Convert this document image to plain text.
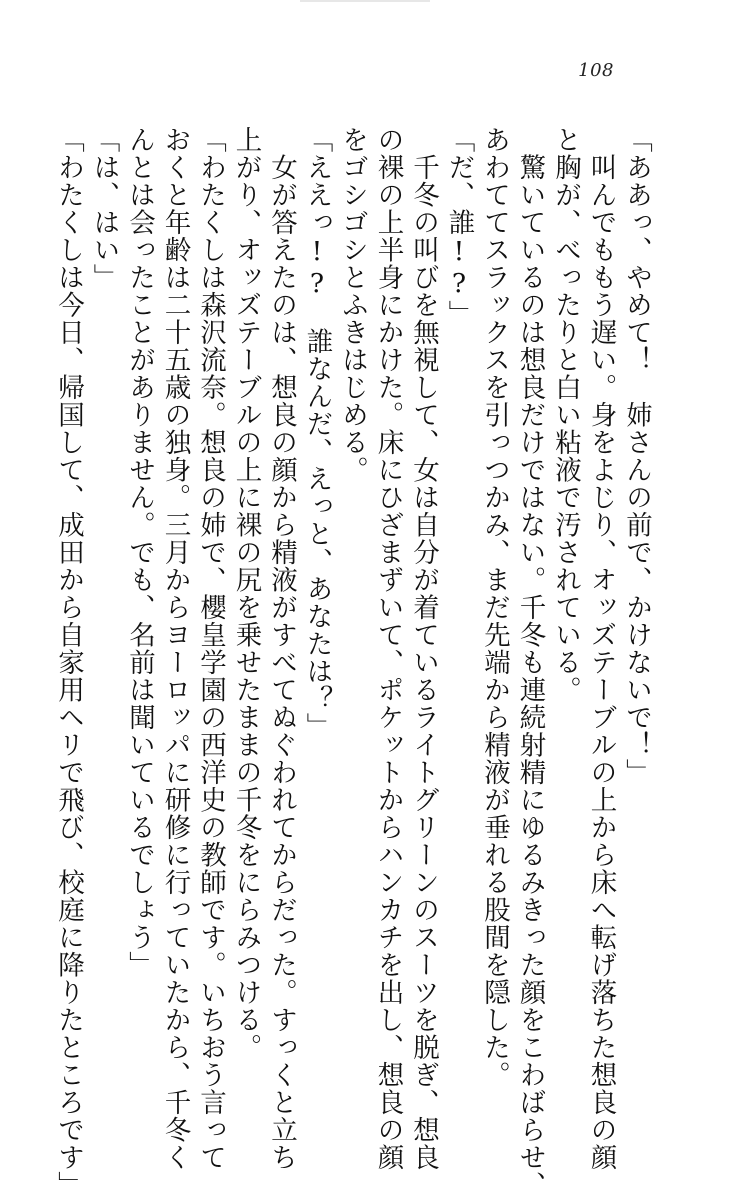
108

「ああっ、やめて！　姉さんの前で、かけないで！」

　叫んでももう遅い。身をよじり、オッズテーブルの上から床へ転げ落ちた想良の顔

と胸が、べったりと白い粘液で汚されている。

　驚いているのは想良だけではない。千冬も連続射精にゆるみきった顔をこわばらせ、

あわててスラックスを引っつかみ、まだ先端から精液が垂れる股間を隠した。

「だ、誰!?」

　千冬の叫びを無視して、女は自分が着ているライトグリーンのスーツを脱ぎ、想良

の裸の上半身にかけた。床にひざまずいて、ポケットからハンカチを出し、想良の顔

をゴシゴシとふきはじめる。

「ええっ!?　誰なんだ、えっと、あなたは？」

　女が答えたのは、想良の顔から精液がすべてぬぐわれてからだった。すっくと立ち

上がり、オッズテーブルの上に裸の尻を乗せたままの千冬をにらみつける。

「わたくしは森沢流奈。想良の姉で、櫻皇学園の西洋史の教師です。いちおう言って

おくと年齢は二十五歳の独身。三月からヨーロッパに研修に行っていたから、千冬く

んとは会ったことがありません。でも、名前は聞いているでしょう」

「は、はい」

「わたくしは今日、帰国して、成田から自家用ヘリで飛び、校庭に降りたところです」
